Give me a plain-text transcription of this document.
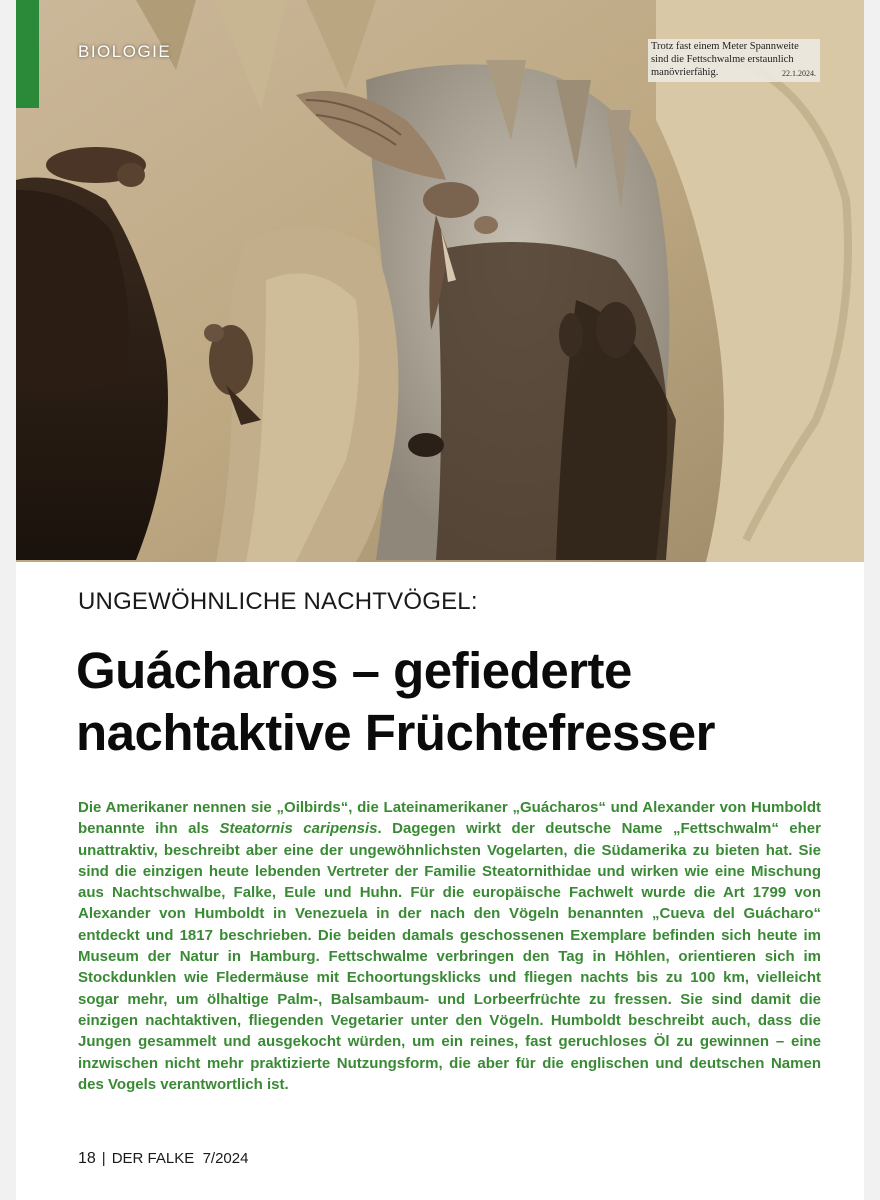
BIOLOGIE	Trotz fast einem Meter Spannweite sind die Fettschwalme erstaunlich manövrierfähig.	22.1.2024.
UNGEWÖHNLICHE NACHTVÖGEL:
Guácharos – gefiederte
nachtaktive Früchtefresser

Die Amerikaner nennen sie „Oilbirds“, die Lateinamerikaner „Guácharos“ und Alexander von Humboldt benannte ihn als Steatornis caripensis. Dagegen wirkt der deutsche Name „Fettschwalm“ eher unattraktiv, beschreibt aber eine der ungewöhnlichsten Vogelarten, die Südamerika zu bieten hat. Sie sind die einzigen heute lebenden Vertreter der Familie Steatornithidae und wirken wie eine Mischung aus Nachtschwalbe, Falke, Eule und Huhn. Für die europäische Fachwelt wurde die Art 1799 von Alexander von Humboldt in Venezuela in der nach den Vögeln benannten „Cueva del Guácharo“ entdeckt und 1817 beschrieben. Die beiden damals geschossenen Exemplare befinden sich heute im Museum der Natur in Hamburg. Fettschwalme verbringen den Tag in Höhlen, orientieren sich im Stockdunklen wie Fledermäuse mit Echoortungsklicks und fliegen nachts bis zu 100 km, vielleicht sogar mehr, um ölhaltige Palm-, Balsambaum- und Lorbeerfrüchte zu fressen. Sie sind damit die einzigen nachtaktiven, fliegenden Vegetarier unter den Vögeln. Humboldt beschreibt auch, dass die Jungen gesammelt und ausgekocht würden, um ein reines, fast geruchloses Öl zu gewinnen – eine inzwischen nicht mehr praktizierte Nutzungsform, die aber für die englischen und deutschen Namen des Vogels verantwortlich ist.

18 | DER FALKE 7/2024
